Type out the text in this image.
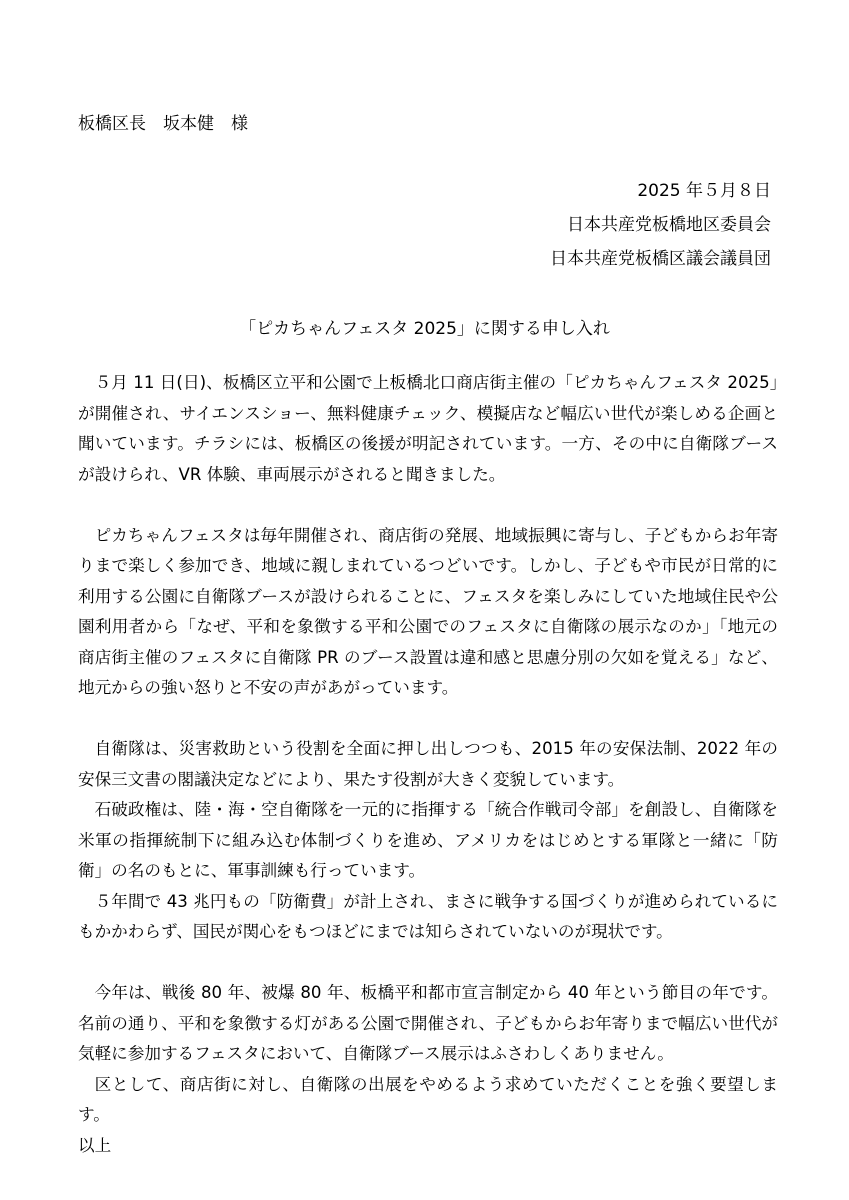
板橋区長　坂本健　様
2025 年５月８日
日本共産党板橋地区委員会
日本共産党板橋区議会議員団
「ピカちゃんフェスタ 2025」に関する申し入れ

５月 11 日(日)、板橋区立平和公園で上板橋北口商店街主催の「ピカちゃんフェスタ 2025」が開催され、サイエンスショー、無料健康チェック、模擬店など幅広い世代が楽しめる企画と聞いています。チラシには、板橋区の後援が明記されています。一方、その中に自衛隊ブースが設けられ、VR 体験、車両展示がされると聞きました。

ピカちゃんフェスタは毎年開催され、商店街の発展、地域振興に寄与し、子どもからお年寄りまで楽しく参加でき、地域に親しまれているつどいです。しかし、子どもや市民が日常的に利用する公園に自衛隊ブースが設けられることに、フェスタを楽しみにしていた地域住民や公園利用者から「なぜ、平和を象徴する平和公園でのフェスタに自衛隊の展示なのか」「地元の商店街主催のフェスタに自衛隊 PR のブース設置は違和感と思慮分別の欠如を覚える」など、地元からの強い怒りと不安の声があがっています。

自衛隊は、災害救助という役割を全面に押し出しつつも、2015 年の安保法制、2022 年の安保三文書の閣議決定などにより、果たす役割が大きく変貌しています。

石破政権は、陸・海・空自衛隊を一元的に指揮する「統合作戦司令部」を創設し、自衛隊を米軍の指揮統制下に組み込む体制づくりを進め、アメリカをはじめとする軍隊と一緒に「防衛」の名のもとに、軍事訓練も行っています。

５年間で 43 兆円もの「防衛費」が計上され、まさに戦争する国づくりが進められているにもかかわらず、国民が関心をもつほどにまでは知らされていないのが現状です。

今年は、戦後 80 年、被爆 80 年、板橋平和都市宣言制定から 40 年という節目の年です。名前の通り、平和を象徴する灯がある公園で開催され、子どもからお年寄りまで幅広い世代が気軽に参加するフェスタにおいて、自衛隊ブース展示はふさわしくありません。

区として、商店街に対し、自衛隊の出展をやめるよう求めていただくことを強く要望します。

以上
